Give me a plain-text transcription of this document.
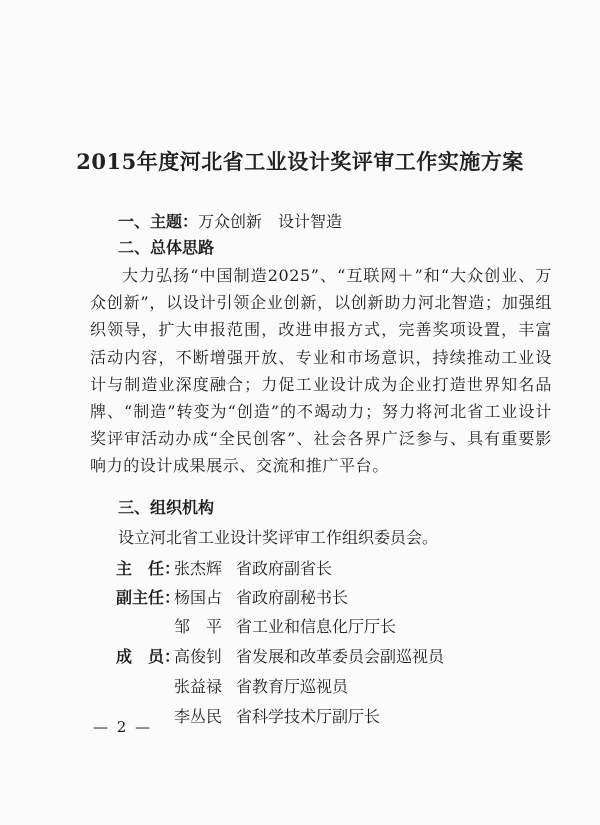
2015年度河北省工业设计奖评审工作实施方案
一、主题：万众创新　设计智造
二、总体思路
大力弘扬“中国制造2025”、“互联网＋”和“大众创业、万众创新”，以设计引领企业创新，以创新助力河北智造；加强组织领导，扩大申报范围，改进申报方式，完善奖项设置，丰富活动内容，不断增强开放、专业和市场意识，持续推动工业设计与制造业深度融合；力促工业设计成为企业打造世界知名品牌、“制造”转变为“创造”的不竭动力；努力将河北省工业设计奖评审活动办成“全民创客”、社会各界广泛参与、具有重要影响力的设计成果展示、交流和推广平台。
三、组织机构
设立河北省工业设计奖评审工作组织委员会。
主　任：
张杰辉 省政府副省长
副主任：
杨国占 省政府副秘书长
邹　平 省工业和信息化厅厅长
成　员：
高俊钊 省发展和改革委员会副巡视员
张益禄 省教育厅巡视员
李丛民 省科学技术厅副厅长
— 2 —
